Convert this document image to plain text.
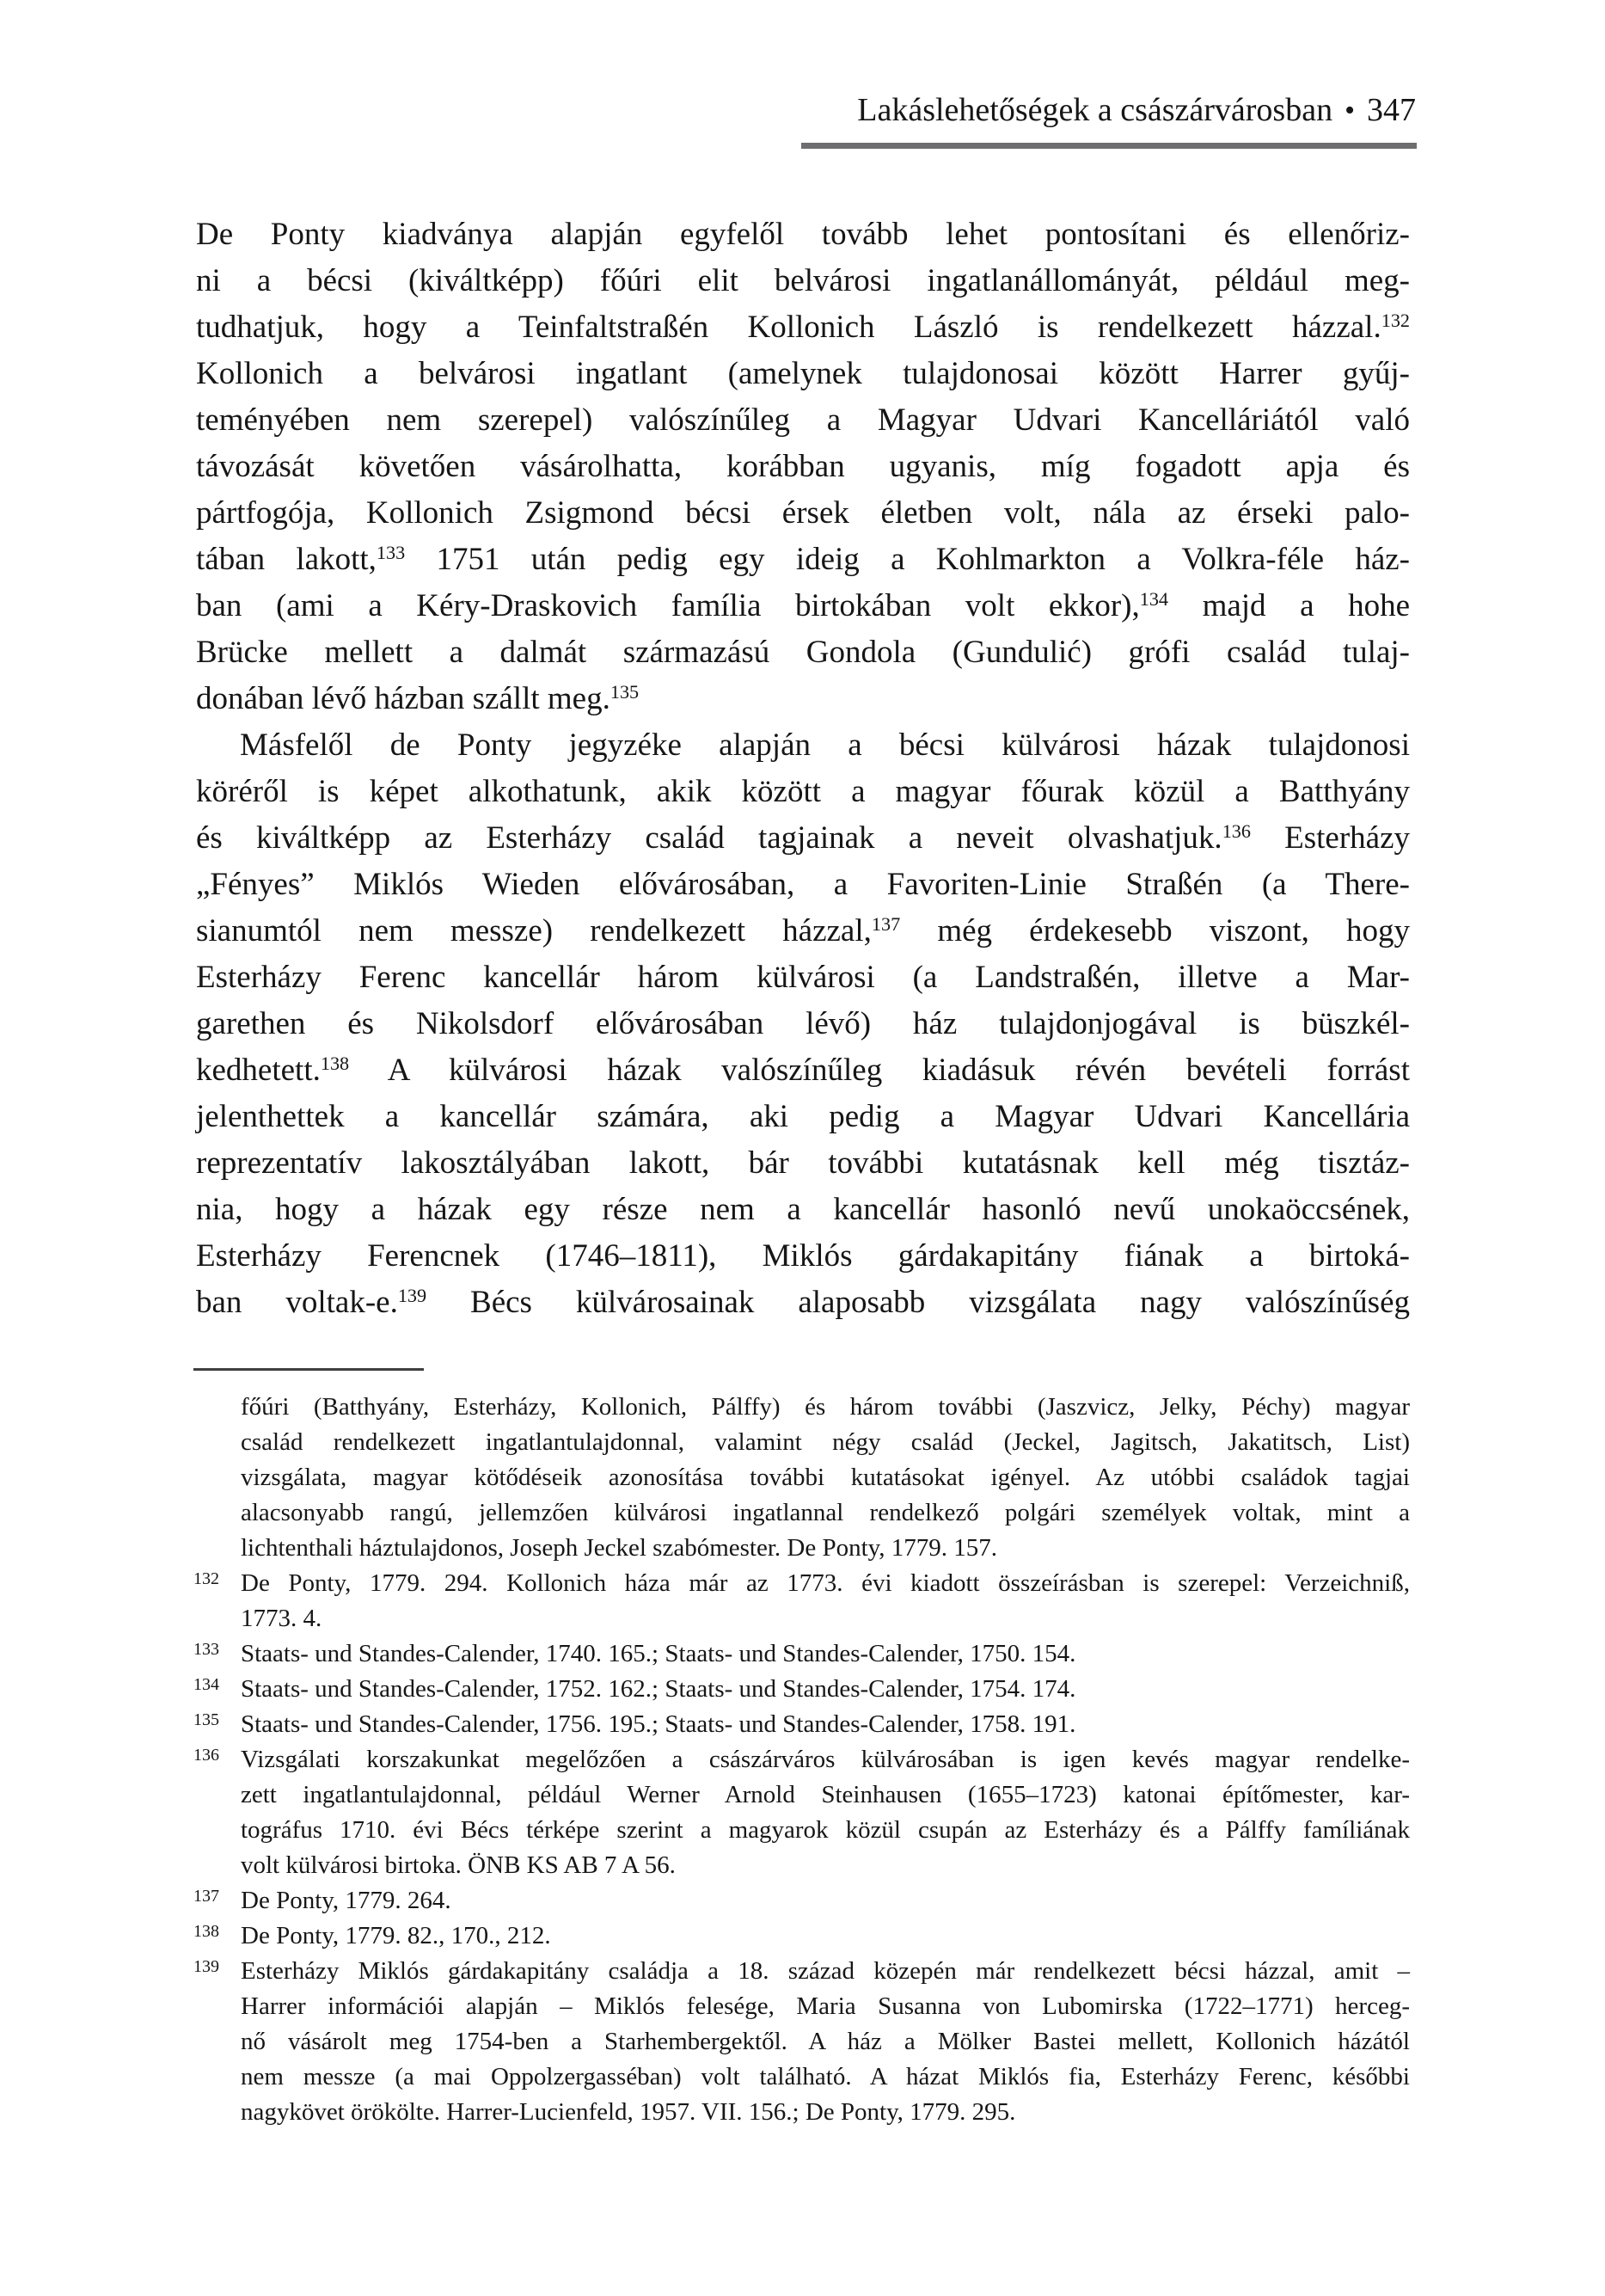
Lakáslehetőségek a császárvárosban • 347
De Ponty kiadványa alapján egyfelől tovább lehet pontosítani és ellenőriz-
ni a bécsi (kiváltképp) főúri elit belvárosi ingatlanállományát, például meg-
tudhatjuk, hogy a Teinfaltstraßén Kollonich László is rendelkezett házzal.$^{132}$
Kollonich a belvárosi ingatlant (amelynek tulajdonosai között Harrer gyűj-
teményében nem szerepel) valószínűleg a Magyar Udvari Kancelláriától való
távozását követően vásárolhatta, korábban ugyanis, míg fogadott apja és
pártfogója, Kollonich Zsigmond bécsi érsek életben volt, nála az érseki palo-
tában lakott,$^{133}$ 1751 után pedig egy ideig a Kohlmarkton a Volkra-féle ház-
ban (ami a Kéry-Draskovich família birtokában volt ekkor),$^{134}$ majd a hohe
Brücke mellett a dalmát származású Gondola (Gundulić) grófi család tulaj-
donában lévő házban szállt meg.$^{135}$
Másfelől de Ponty jegyzéke alapján a bécsi külvárosi házak tulajdonosi
köréről is képet alkothatunk, akik között a magyar főurak közül a Batthyány
és kiváltképp az Esterházy család tagjainak a neveit olvashatjuk.$^{136}$ Esterházy
„Fényes” Miklós Wieden elővárosában, a Favoriten-Linie Straßén (a There-
sianumtól nem messze) rendelkezett házzal,$^{137}$ még érdekesebb viszont, hogy
Esterházy Ferenc kancellár három külvárosi (a Landstraßén, illetve a Mar-
garethen és Nikolsdorf elővárosában lévő) ház tulajdonjogával is büszkél-
kedhetett.$^{138}$ A külvárosi házak valószínűleg kiadásuk révén bevételi forrást
jelenthettek a kancellár számára, aki pedig a Magyar Udvari Kancellária
reprezentatív lakosztályában lakott, bár további kutatásnak kell még tisztáz-
nia, hogy a házak egy része nem a kancellár hasonló nevű unokaöccsének,
Esterházy Ferencnek (1746–1811), Miklós gárdakapitány fiának a birtoká-
ban voltak-e.$^{139}$ Bécs külvárosainak alaposabb vizsgálata nagy valószínűség
főúri (Batthyány, Esterházy, Kollonich, Pálffy) és három további (Jaszvicz, Jelky, Péchy) magyar
család rendelkezett ingatlantulajdonnal, valamint négy család (Jeckel, Jagitsch, Jakatitsch, List)
vizsgálata, magyar kötődéseik azonosítása további kutatásokat igényel. Az utóbbi családok tagjai
alacsonyabb rangú, jellemzően külvárosi ingatlannal rendelkező polgári személyek voltak, mint a
lichtenthali háztulajdonos, Joseph Jeckel szabómester. De Ponty, 1779. 157.
132 De Ponty, 1779. 294. Kollonich háza már az 1773. évi kiadott összeírásban is szerepel: Verzeichniß,
1773. 4.
133 Staats- und Standes-Calender, 1740. 165.; Staats- und Standes-Calender, 1750. 154.
134 Staats- und Standes-Calender, 1752. 162.; Staats- und Standes-Calender, 1754. 174.
135 Staats- und Standes-Calender, 1756. 195.; Staats- und Standes-Calender, 1758. 191.
136 Vizsgálati korszakunkat megelőzően a császárváros külvárosában is igen kevés magyar rendelke-
zett ingatlantulajdonnal, például Werner Arnold Steinhausen (1655–1723) katonai építőmester, kar-
tográfus 1710. évi Bécs térképe szerint a magyarok közül csupán az Esterházy és a Pálffy famíliának
volt külvárosi birtoka. ÖNB KS AB 7 A 56.
137 De Ponty, 1779. 264.
138 De Ponty, 1779. 82., 170., 212.
139 Esterházy Miklós gárdakapitány családja a 18. század közepén már rendelkezett bécsi házzal, amit –
Harrer információi alapján – Miklós felesége, Maria Susanna von Lubomirska (1722–1771) herceg-
nő vásárolt meg 1754-ben a Starhembergektől. A ház a Mölker Bastei mellett, Kollonich házától
nem messze (a mai Oppolzergasséban) volt található. A házat Miklós fia, Esterházy Ferenc, későbbi
nagykövet örökölte. Harrer-Lucienfeld, 1957. VII. 156.; De Ponty, 1779. 295.
